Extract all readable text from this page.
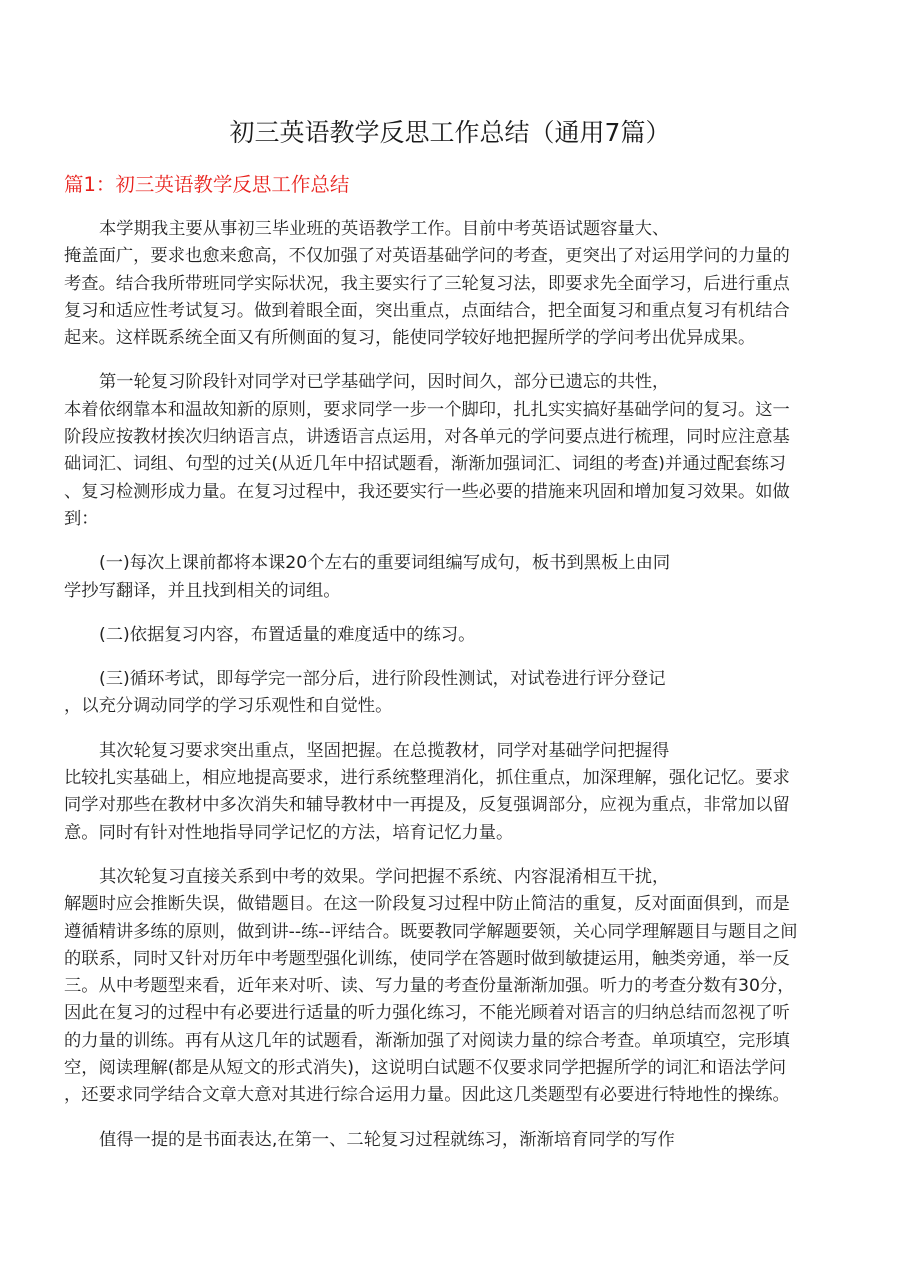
初三英语教学反思工作总结（通用7篇）
篇1：初三英语教学反思工作总结
本学期我主要从事初三毕业班的英语教学工作。目前中考英语试题容量大、
掩盖面广，要求也愈来愈高，不仅加强了对英语基础学问的考查，更突出了对运用学问的力量的
考查。结合我所带班同学实际状况，我主要实行了三轮复习法，即要求先全面学习，后进行重点
复习和适应性考试复习。做到着眼全面，突出重点，点面结合，把全面复习和重点复习有机结合
起来。这样既系统全面又有所侧面的复习，能使同学较好地把握所学的学问考出优异成果。
第一轮复习阶段针对同学对已学基础学问，因时间久，部分已遗忘的共性，
本着依纲靠本和温故知新的原则，要求同学一步一个脚印，扎扎实实搞好基础学问的复习。这一
阶段应按教材挨次归纳语言点，讲透语言点运用，对各单元的学问要点进行梳理，同时应注意基
础词汇、词组、句型的过关(从近几年中招试题看，渐渐加强词汇、词组的考查)并通过配套练习
、复习检测形成力量。在复习过程中，我还要实行一些必要的措施来巩固和增加复习效果。如做
到：
(一)每次上课前都将本课20个左右的重要词组编写成句，板书到黑板上由同
学抄写翻译，并且找到相关的词组。
(二)依据复习内容，布置适量的难度适中的练习。
(三)循环考试，即每学完一部分后，进行阶段性测试，对试卷进行评分登记
，以充分调动同学的学习乐观性和自觉性。
其次轮复习要求突出重点，坚固把握。在总揽教材，同学对基础学问把握得
比较扎实基础上，相应地提高要求，进行系统整理消化，抓住重点，加深理解，强化记忆。要求
同学对那些在教材中多次消失和辅导教材中一再提及，反复强调部分，应视为重点，非常加以留
意。同时有针对性地指导同学记忆的方法，培育记忆力量。
其次轮复习直接关系到中考的效果。学问把握不系统、内容混淆相互干扰，
解题时应会推断失误，做错题目。在这一阶段复习过程中防止简洁的重复，反对面面俱到，而是
遵循精讲多练的原则，做到讲--练--评结合。既要教同学解题要领，关心同学理解题目与题目之间
的联系，同时又针对历年中考题型强化训练，使同学在答题时做到敏捷运用，触类旁通，举一反
三。从中考题型来看，近年来对听、读、写力量的考查份量渐渐加强。听力的考查分数有30分，
因此在复习的过程中有必要进行适量的听力强化练习，不能光顾着对语言的归纳总结而忽视了听
的力量的训练。再有从这几年的试题看，渐渐加强了对阅读力量的综合考查。单项填空，完形填
空，阅读理解(都是从短文的形式消失)，这说明白试题不仅要求同学把握所学的词汇和语法学问
，还要求同学结合文章大意对其进行综合运用力量。因此这几类题型有必要进行特地性的操练。
值得一提的是书面表达,在第一、二轮复习过程就练习，渐渐培育同学的写作
